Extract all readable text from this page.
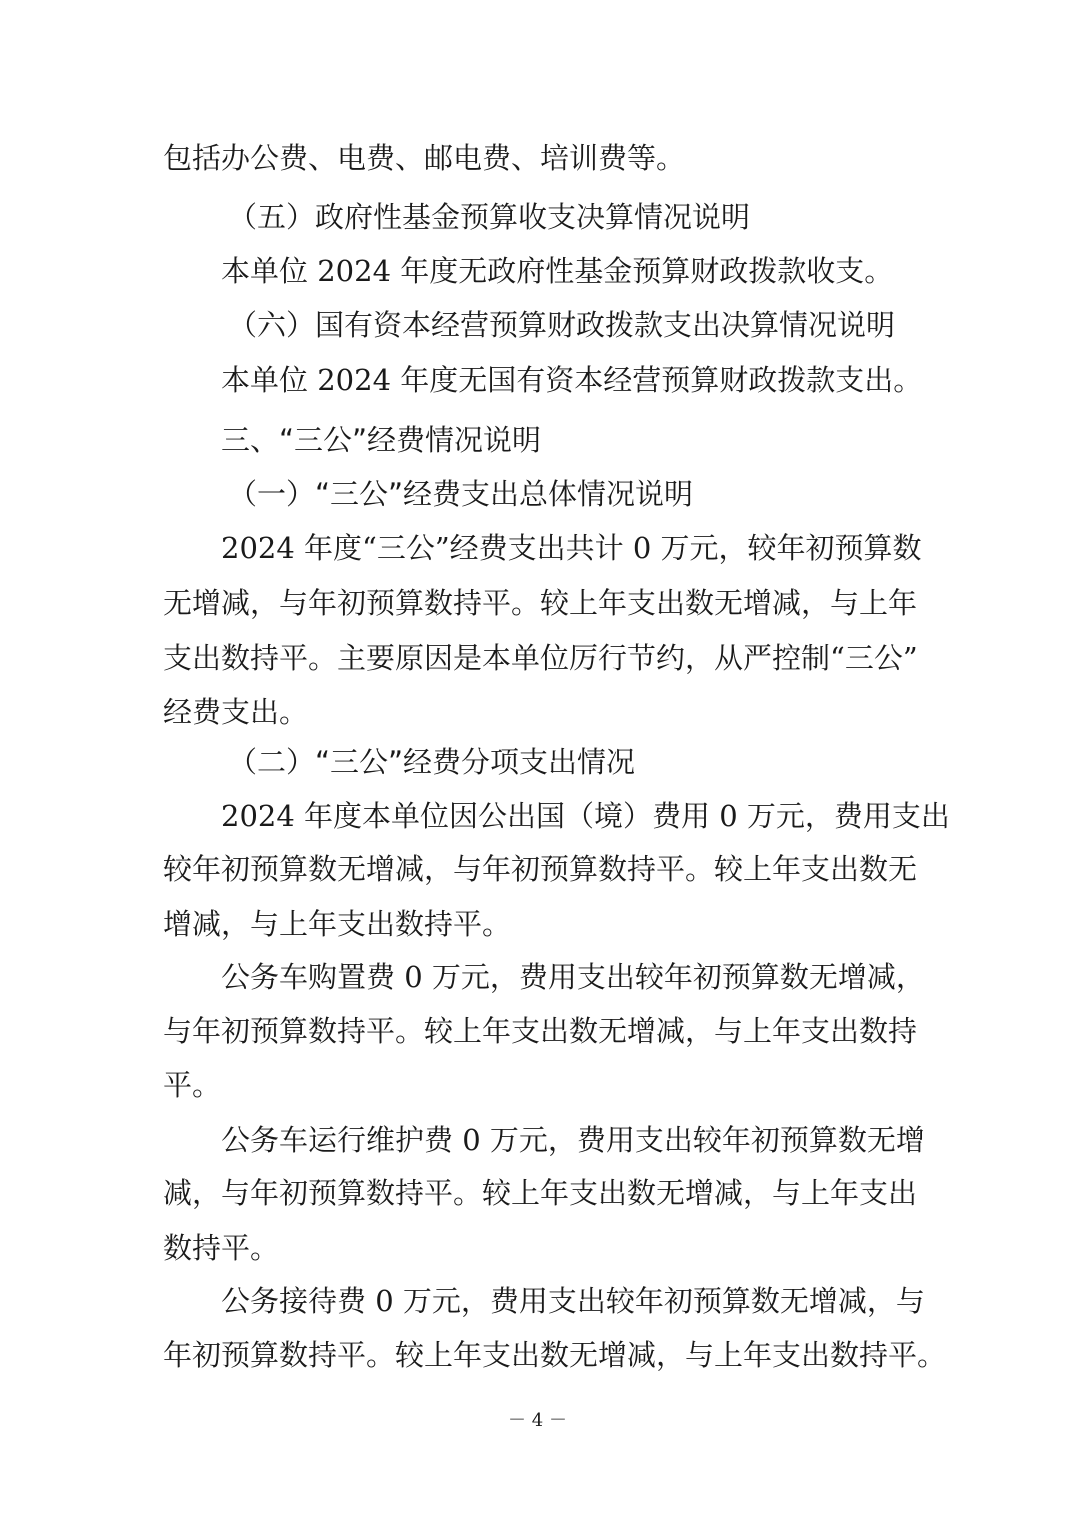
包括办公费、电费、邮电费、培训费等。
（五）政府性基金预算收支决算情况说明
本单位 2024 年度无政府性基金预算财政拨款收支。
（六）国有资本经营预算财政拨款支出决算情况说明
本单位 2024 年度无国有资本经营预算财政拨款支出。
三、“三公”经费情况说明
（一）“三公”经费支出总体情况说明
2024 年度“三公”经费支出共计 0 万元，较年初预算数
无增减，与年初预算数持平。较上年支出数无增减，与上年
支出数持平。主要原因是本单位厉行节约，从严控制“三公”
经费支出。
（二）“三公”经费分项支出情况
2024 年度本单位因公出国（境）费用 0 万元，费用支出
较年初预算数无增减，与年初预算数持平。较上年支出数无
增减，与上年支出数持平。
公务车购置费 0 万元，费用支出较年初预算数无增减，
与年初预算数持平。较上年支出数无增减，与上年支出数持
平。
公务车运行维护费 0 万元，费用支出较年初预算数无增
减，与年初预算数持平。较上年支出数无增减，与上年支出
数持平。
公务接待费 0 万元，费用支出较年初预算数无增减，与
年初预算数持平。较上年支出数无增减，与上年支出数持平。
－ 4 －
